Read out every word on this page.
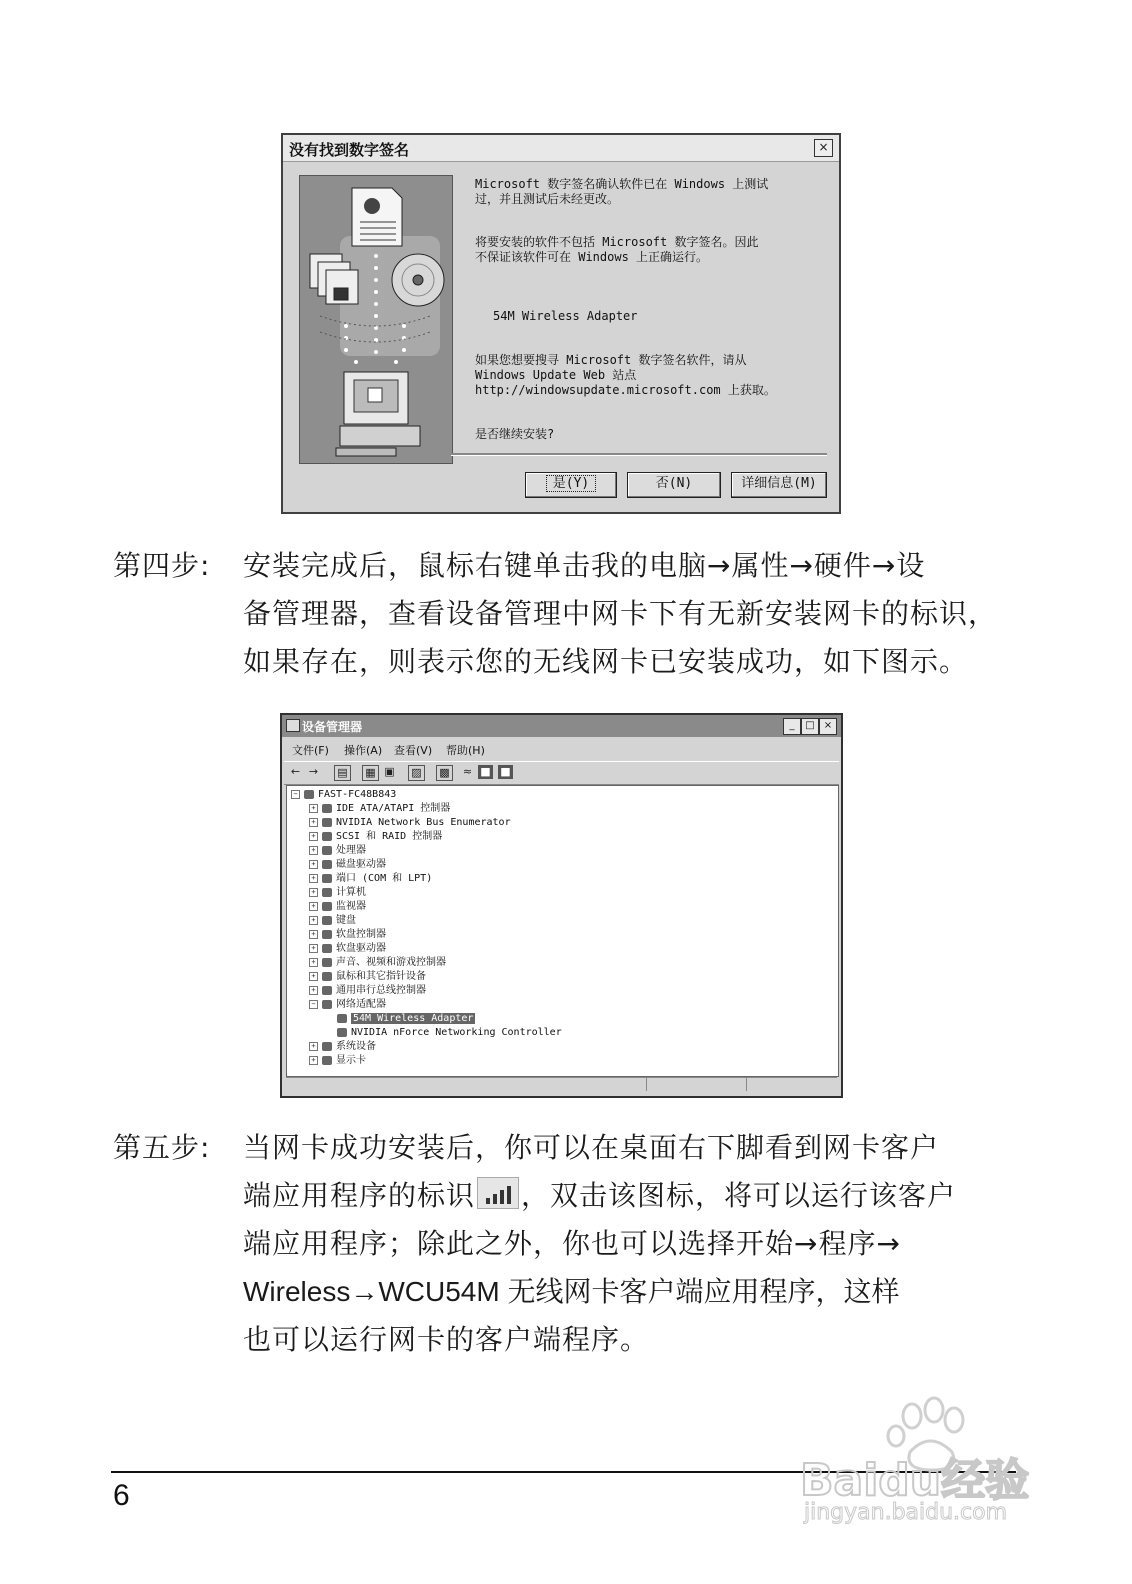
没有找到数字签名	×
Microsoft 数字签名确认软件已在 Windows 上测试
过，并且测试后未经更改。
将要安装的软件不包括 Microsoft 数字签名。因此
不保证该软件可在 Windows 上正确运行。
54M Wireless Adapter
如果您想要搜寻 Microsoft 数字签名软件，请从
Windows Update Web 站点
http://windowsupdate.microsoft.com 上获取。
是否继续安装?
是(Y)	否(N)	详细信息(M)
第四步: 安装完成后，鼠标右键单击我的电脑→属性→硬件→设
备管理器，查看设备管理中网卡下有无新安装网卡的标识，
如果存在，则表示您的无线网卡已安装成功，如下图示。
设备管理器	_	□ ×
文件(F) 操作(A) 查看(V) 帮助(H)
← → ▤ ▦ ▣ ▨ ▩ ≈ ■ ■
− FAST-FC48B843
+ IDE ATA/ATAPI 控制器
+ NVIDIA Network Bus Enumerator
+ SCSI 和 RAID 控制器
+ 处理器
+ 磁盘驱动器
+ 端口 (COM 和 LPT)
+ 计算机
+ 监视器
+ 键盘
+ 软盘控制器
+ 软盘驱动器
+ 声音、视频和游戏控制器
+ 鼠标和其它指针设备
+ 通用串行总线控制器
− 网络适配器
54M Wireless Adapter
NVIDIA nForce Networking Controller
+ 系统设备
+ 显示卡
第五步: 当网卡成功安装后，你可以在桌面右下脚看到网卡客户
端应用程序的标识 ，双击该图标，将可以运行该客户
端应用程序；除此之外，你也可以选择开始→程序→
Wireless→WCU54M 无线网卡客户端应用程序，这样
也可以运行网卡的客户端程序。
6	Baidu经验
jingyan.baidu.com
